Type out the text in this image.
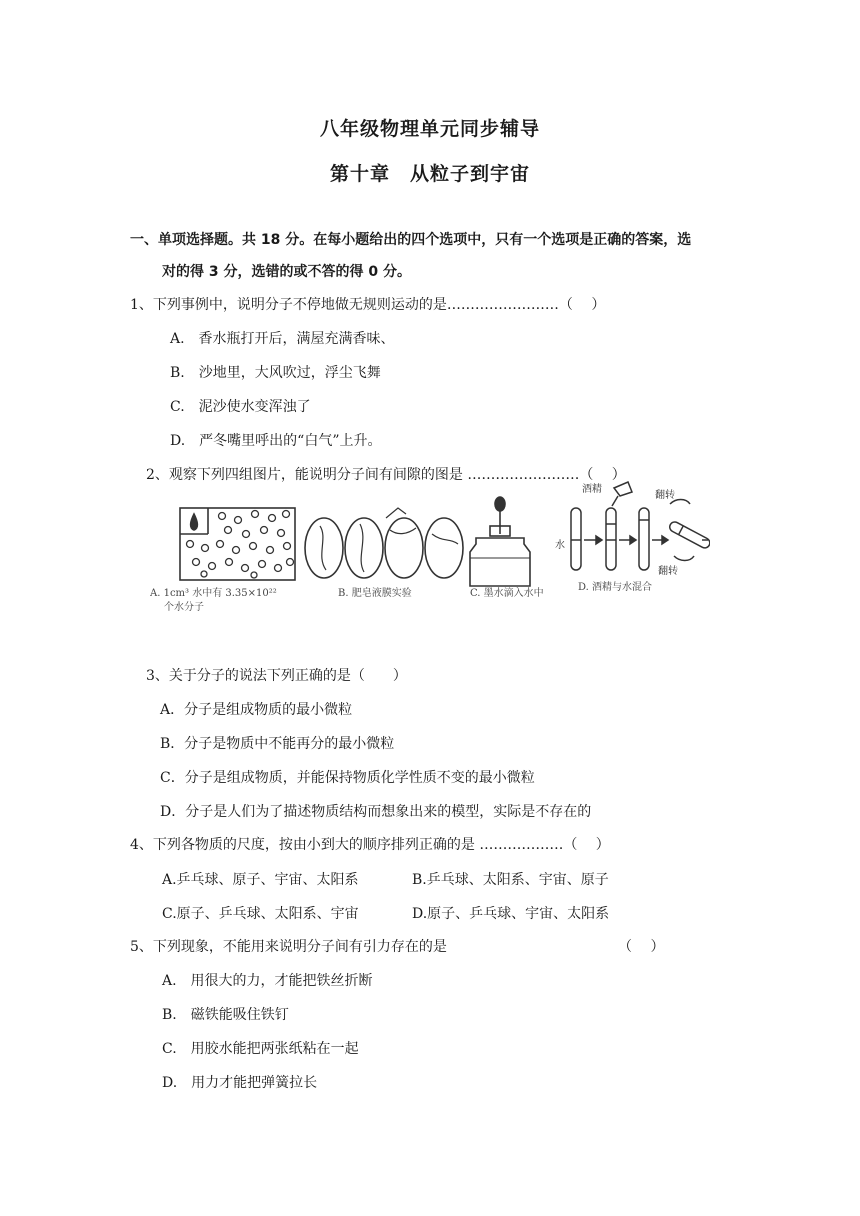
八年级物理单元同步辅导
第十章　从粒子到宇宙
一、单项选择题。共 18 分。在每小题给出的四个选项中，只有一个选项是正确的答案，选
对的得 3 分，选错的或不答的得 0 分。
1、下列事例中，说明分子不停地做无规则运动的是……………………（　 ）
A.　香水瓶打开后，满屋充满香味、
B.　沙地里，大风吹过，浮尘飞舞
C.　泥沙使水变浑浊了
D.　严冬嘴里呼出的“白气”上升。
2、观察下列四组图片，能说明分子间有间隙的图是 ……………………（　 ）
A. 1cm³ 水中有 3.35×10²²
个水分子
B. 肥皂液膜实验	C. 墨水滴入水中
酒精
水
翻转
翻转
D. 酒精与水混合
3、关于分子的说法下列正确的是（　　）
A．分子是组成物质的最小微粒
B．分子是物质中不能再分的最小微粒
C．分子是组成物质，并能保持物质化学性质不变的最小微粒
D．分子是人们为了描述物质结构而想象出来的模型，实际是不存在的
4、下列各物质的尺度，按由小到大的顺序排列正确的是 ………………（　 ）
A.乒乓球、原子、宇宙、太阳系	B.乒乓球、太阳系、宇宙、原子
C.原子、乒乓球、太阳系、宇宙	D.原子、乒乓球、宇宙、太阳系
5、下列现象，不能用来说明分子间有引力存在的是	（　 ）
A.　用很大的力，才能把铁丝折断
B.　磁铁能吸住铁钉
C.　用胶水能把两张纸粘在一起
D.　用力才能把弹簧拉长
